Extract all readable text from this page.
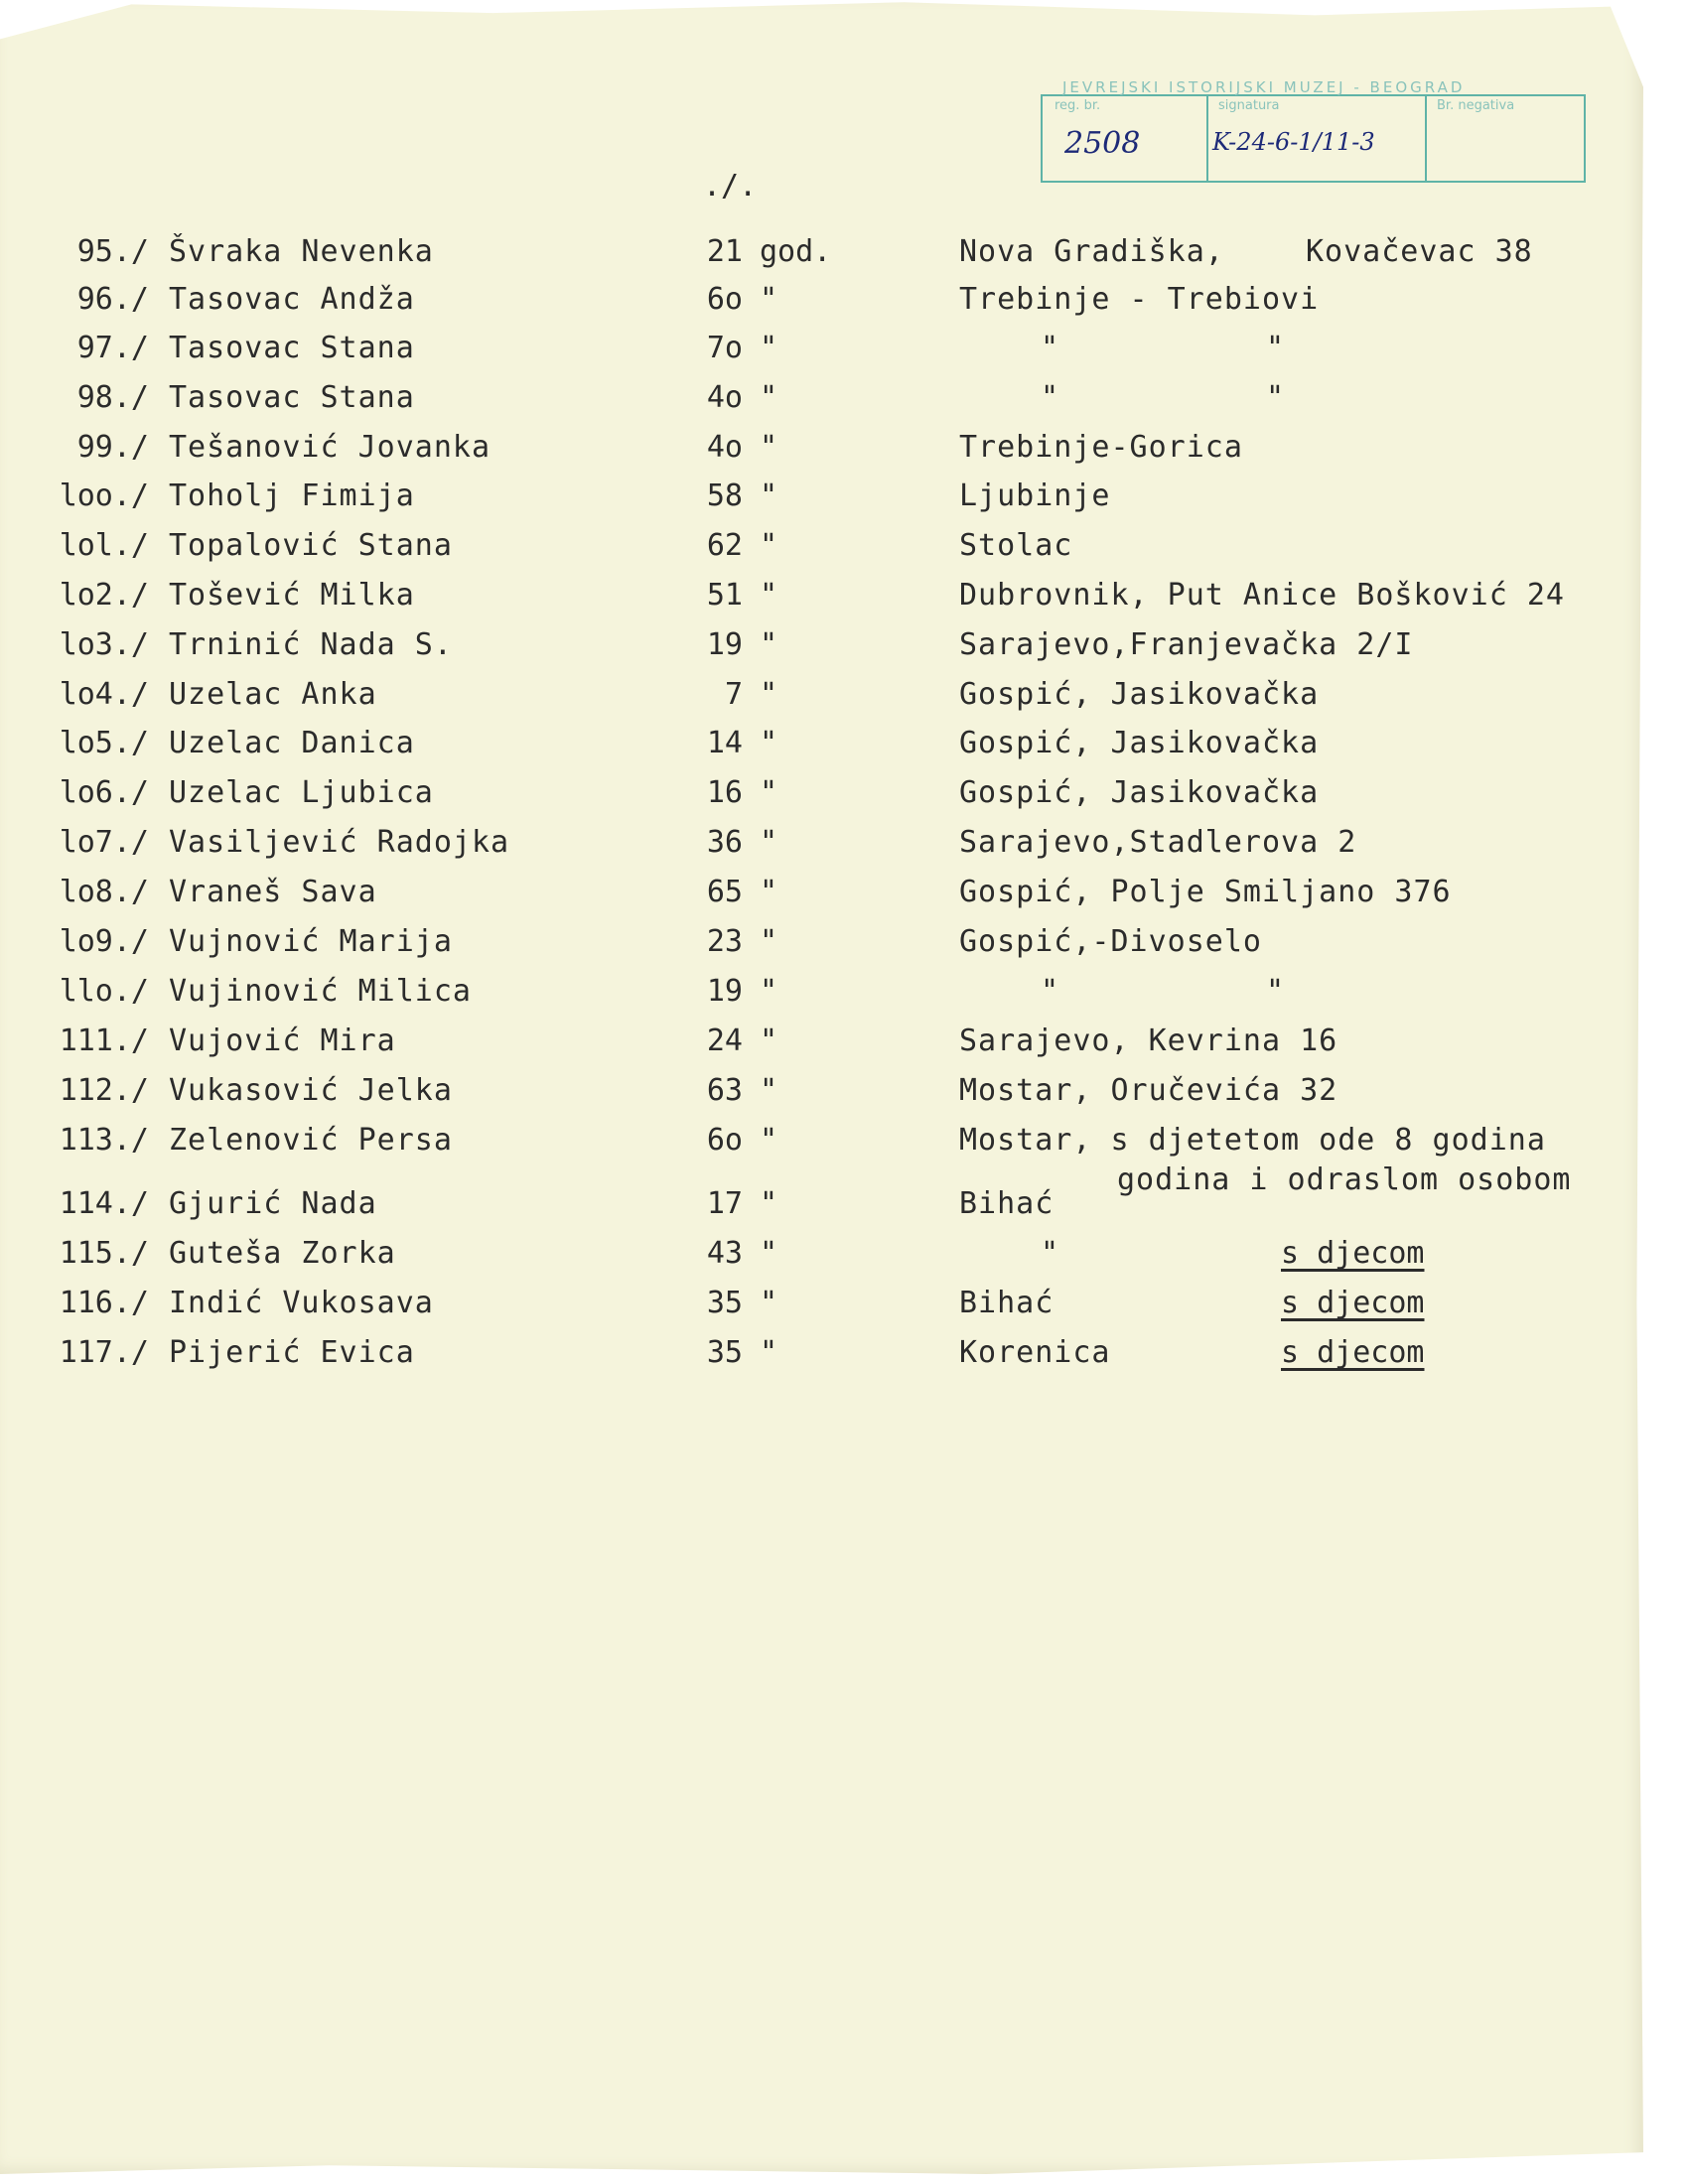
JEVREJSKI ISTORIJSKI MUZEJ - BEOGRAD
reg. br.
2508
signatura
K-24-6-1/11-3
Br. negativa
./.
95./ Švraka Nevenka	21 god.	Nova Gradiška,	Kovačevac 38
96./ Tasovac Andža	6o "	Trebinje - Trebiovi
97./ Tasovac Stana	7o "	"	"
98./ Tasovac Stana	4o "	"	"
99./ Tešanović Jovanka	4o "	Trebinje-Gorica
loo./ Toholj Fimija	58 "	Ljubinje
lol./ Topalović Stana	62 "	Stolac
lo2./ Tošević Milka	51 "	Dubrovnik, Put Anice Bošković 24
lo3./ Trninić Nada S.	19 "	Sarajevo,Franjevačka 2/I
lo4./ Uzelac Anka	7 "	Gospić, Jasikovačka
lo5./ Uzelac Danica	14 "	Gospić, Jasikovačka
lo6./ Uzelac Ljubica	16 "	Gospić, Jasikovačka
lo7./ Vasiljević Radojka	36 "	Sarajevo,Stadlerova 2
lo8./ Vraneš Sava	65 "	Gospić, Polje Smiljano 376
lo9./ Vujnović Marija	23 "	Gospić,-Divoselo
llo./ Vujinović Milica	19 "	"	"
111./ Vujović Mira	24 "	Sarajevo, Kevrina 16
112./ Vukasović Jelka	63 "	Mostar, Oručevića 32
113./ Zelenović Persa	6o "	Mostar, s djetetom ode 8 godina
godina i odraslom osobom
114./ Gjurić Nada	17 "	Bihać
115./ Guteša Zorka	43 "	"	s djecom
116./ Indić Vukosava	35 "	Bihać	s djecom
117./ Pijerić Evica	35 "	Korenica	s djecom
